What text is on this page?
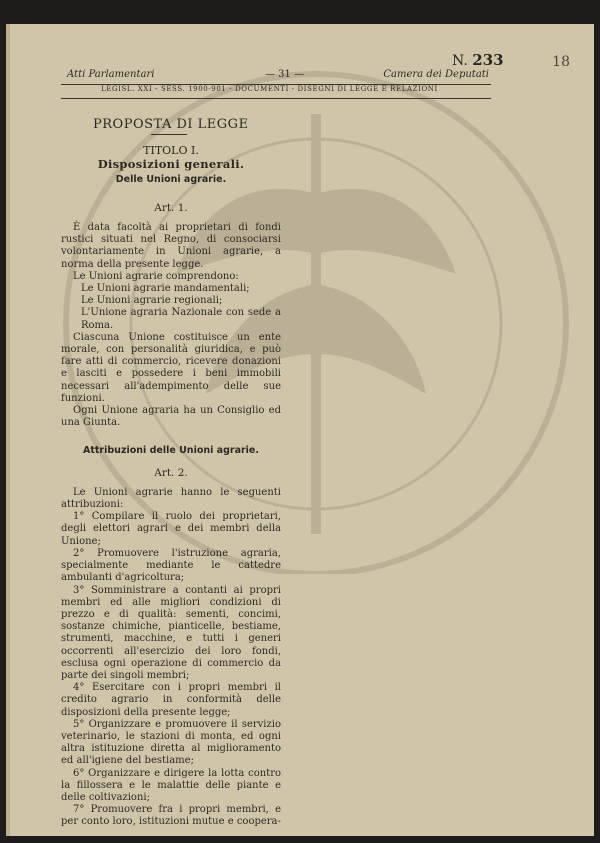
18
N. 233
Atti Parlamentari	— 31 —	Camera dei Deputati
LEGISL. XXI - SESS. 1900-901 - DOCUMENTI - DISEGNI DI LEGGE E RELAZIONI
PROPOSTA DI LEGGE
TITOLO I.
Disposizioni generali.
Delle Unioni agrarie.
Art. 1.

È data facoltà ai proprietari di fondi rustici situati nel Regno, di consociarsi volontariamente in Unioni agrarie, a norma della presente legge.

Le Unioni agrarie comprendono:

Le Unioni agrarie mandamentali;

Le Unioni agrarie regionali;

L'Unione agraria Nazionale con sede a Roma.

Ciascuna Unione costituisce un ente morale, con personalità giuridica, e può fare atti di commercio, ricevere donazioni e lasciti e possedere i beni immobili necessari all'adempimento delle sue funzioni.

Ogni Unione agraria ha un Consiglio ed una Giunta.

Attribuzioni delle Unioni agrarie.
Art. 2.

Le Unioni agrarie hanno le seguenti attribuzioni:

1° Compilare il ruolo dei proprietari, degli elettori agrari e dei membri della Unione;

2° Promuovere l'istruzione agraria, specialmente mediante le cattedre ambulanti d'agricoltura;

3° Somministrare a contanti ai propri membri ed alle migliori condizioni di prezzo e di qualità: sementi, concimi, sostanze chimiche, pianticelle, bestiame, strumenti, macchine, e tutti i generi occorrenti all'esercizio dei loro fondi, esclusa ogni operazione di commercio da parte dei singoli membri;

4° Esercitare con i propri membri il credito agrario in conformità delle disposizioni della presente legge;

5° Organizzare e promuovere il servizio veterinario, le stazioni di monta, ed ogni altra istituzione diretta al miglioramento ed all'igiene del bestiame;

6° Organizzare e dirigere la lotta contro la fillossera e le malattie delle piante e delle coltivazioni;

7° Promuovere fra i propri membri, e per conto loro, istituzioni mutue e coopera-
